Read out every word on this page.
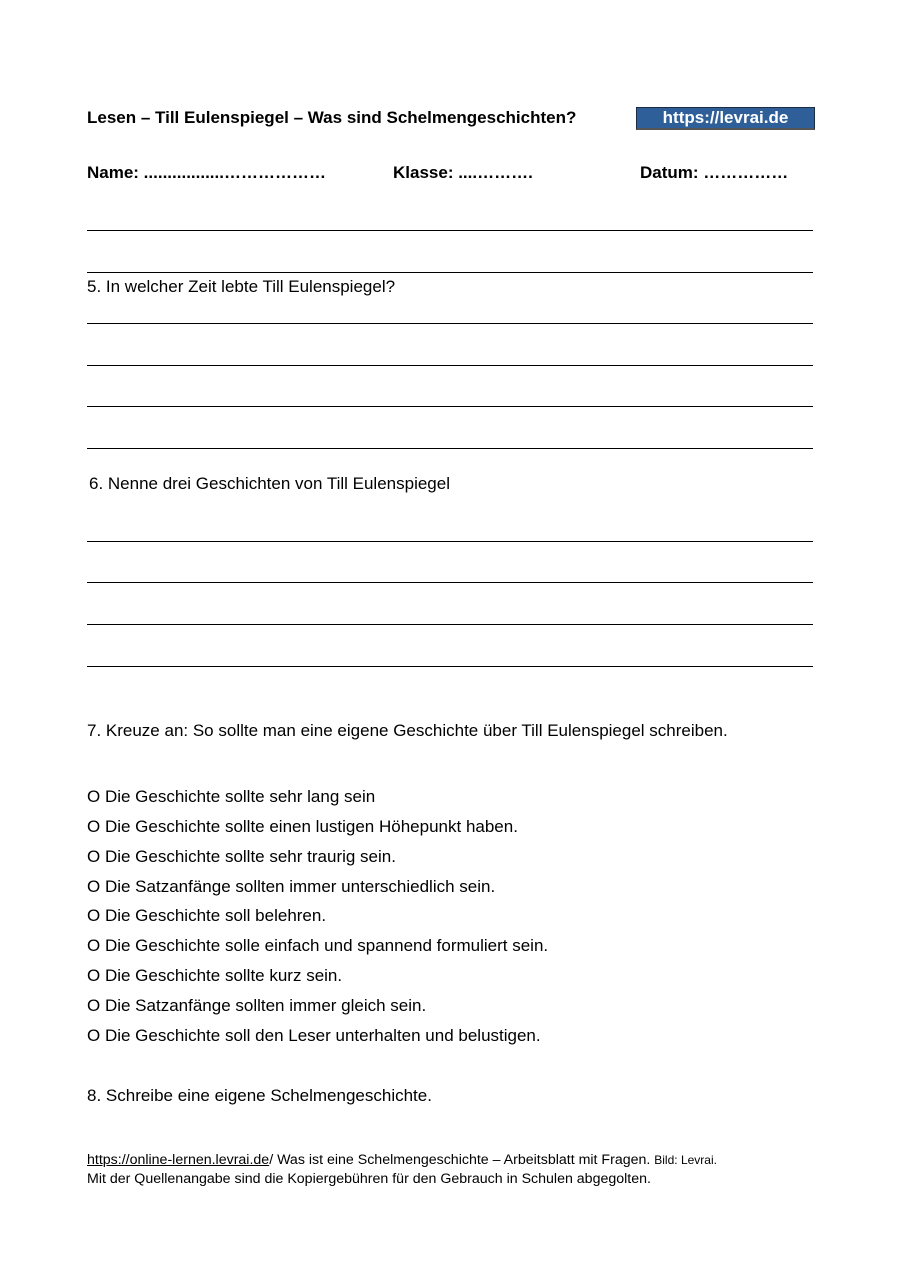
Lesen – Till Eulenspiegel – Was sind Schelmengeschichten?	https://levrai.de
Name: .................………………	Klasse: ....……….	Datum: ……………
5. In welcher Zeit lebte Till Eulenspiegel?
6. Nenne drei Geschichten von Till Eulenspiegel
7. Kreuze an: So sollte man eine eigene Geschichte über Till Eulenspiegel schreiben.
O Die Geschichte sollte sehr lang sein
O Die Geschichte sollte einen lustigen Höhepunkt haben.
O Die Geschichte sollte sehr traurig sein.
O Die Satzanfänge sollten immer unterschiedlich sein.
O Die Geschichte soll belehren.
O Die Geschichte solle einfach und spannend formuliert sein.
O Die Geschichte sollte kurz sein.
O Die Satzanfänge sollten immer gleich sein.
O Die Geschichte soll den Leser unterhalten und belustigen.
8. Schreibe eine eigene Schelmengeschichte.
https://online-lernen.levrai.de/ Was ist eine Schelmengeschichte – Arbeitsblatt mit Fragen. Bild: Levrai.
Mit der Quellenangabe sind die Kopiergebühren für den Gebrauch in Schulen abgegolten.
